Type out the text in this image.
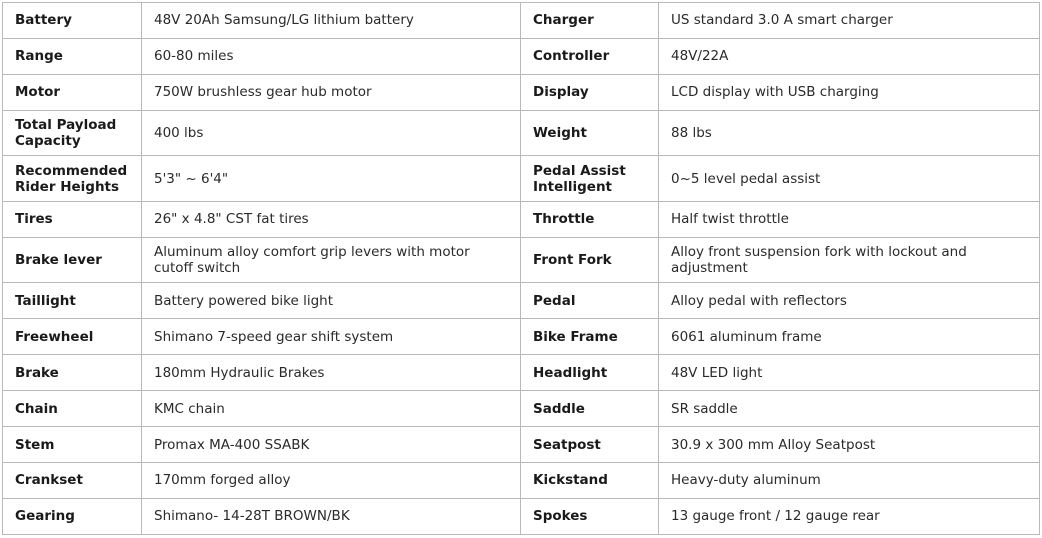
Battery	48V 20Ah Samsung/LG lithium battery	Charger	US standard 3.0 A smart charger
Range	60-80 miles	Controller	48V/22A
Motor	750W brushless gear hub motor	Display	LCD display with USB charging
Total Payload Capacity	400 lbs	Weight	88 lbs
Recommended Rider Heights	5'3" ~ 6'4"	Pedal Assist Intelligent	0~5 level pedal assist
Tires	26" x 4.8" CST fat tires	Throttle	Half twist throttle
Brake lever	Aluminum alloy comfort grip levers with motor cutoff switch	Front Fork	Alloy front suspension fork with lockout and adjustment
Taillight	Battery powered bike light	Pedal	Alloy pedal with reflectors
Freewheel	Shimano 7-speed gear shift system	Bike Frame	6061 aluminum frame
Brake	180mm Hydraulic Brakes	Headlight	48V LED light
Chain	KMC chain	Saddle	SR saddle
Stem	Promax MA-400 SSABK	Seatpost	30.9 x 300 mm Alloy Seatpost
Crankset	170mm forged alloy	Kickstand	Heavy-duty aluminum
Gearing	Shimano- 14-28T BROWN/BK	Spokes	13 gauge front / 12 gauge rear
